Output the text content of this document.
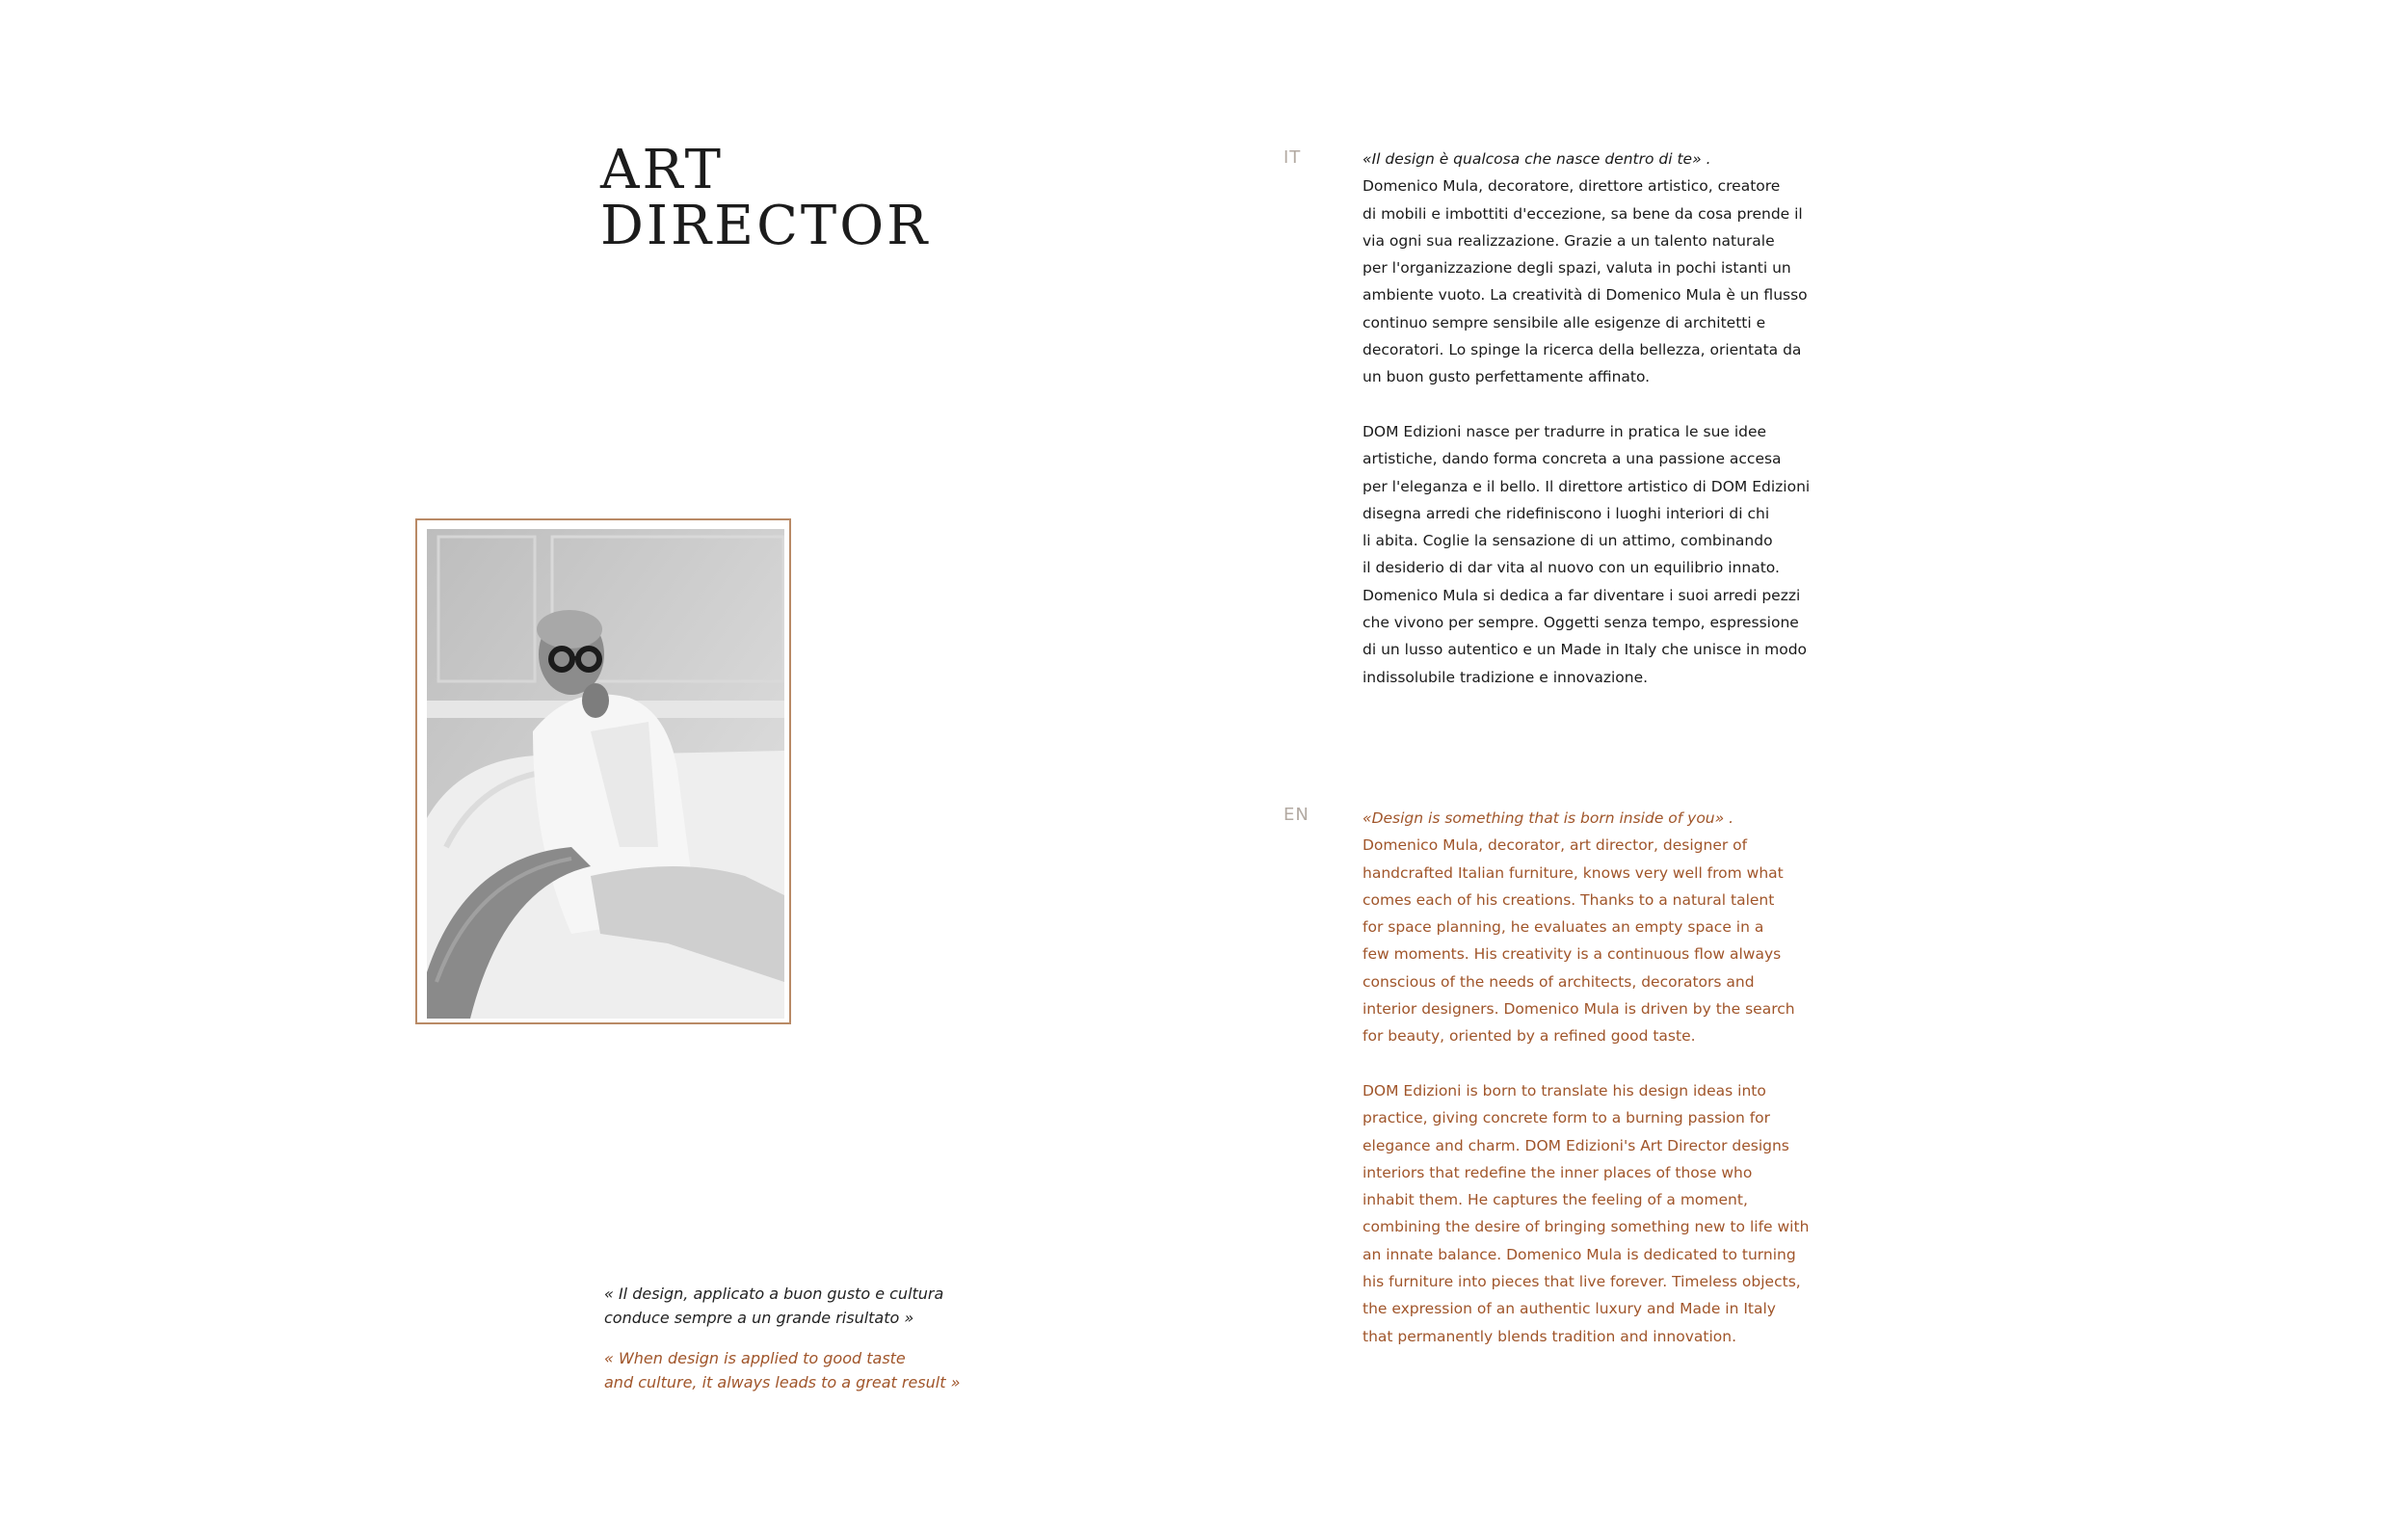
ART
DIRECTOR

« Il design, applicato a buon gusto e cultura
conduce sempre a un grande risultato »

« When design is applied to good taste
and culture, it always leads to a great result »

IT
EN

«Il design è qualcosa che nasce dentro di te» .
Domenico Mula, decoratore, direttore artistico, creatore
di mobili e imbottiti d'eccezione, sa bene da cosa prende il
via ogni sua realizzazione. Grazie a un talento naturale
per l'organizzazione degli spazi, valuta in pochi istanti un
ambiente vuoto. La creatività di Domenico Mula è un flusso
continuo sempre sensibile alle esigenze di architetti e
decoratori. Lo spinge la ricerca della bellezza, orientata da
un buon gusto perfettamente affinato.

DOM Edizioni nasce per tradurre in pratica le sue idee
artistiche, dando forma concreta a una passione accesa
per l'eleganza e il bello. Il direttore artistico di DOM Edizioni
disegna arredi che ridefiniscono i luoghi interiori di chi
li abita. Coglie la sensazione di un attimo, combinando
il desiderio di dar vita al nuovo con un equilibrio innato.
Domenico Mula si dedica a far diventare i suoi arredi pezzi
che vivono per sempre. Oggetti senza tempo, espressione
di un lusso autentico e un Made in Italy che unisce in modo
indissolubile tradizione e innovazione.

«Design is something that is born inside of you» .
Domenico Mula, decorator, art director, designer of
handcrafted Italian furniture, knows very well from what
comes each of his creations. Thanks to a natural talent
for space planning, he evaluates an empty space in a
few moments. His creativity is a continuous flow always
conscious of the needs of architects, decorators and
interior designers. Domenico Mula is driven by the search
for beauty, oriented by a refined good taste.

DOM Edizioni is born to translate his design ideas into
practice, giving concrete form to a burning passion for
elegance and charm. DOM Edizioni's Art Director designs
interiors that redefine the inner places of those who
inhabit them. He captures the feeling of a moment,
combining the desire of bringing something new to life with
an innate balance. Domenico Mula is dedicated to turning
his furniture into pieces that live forever. Timeless objects,
the expression of an authentic luxury and Made in Italy
that permanently blends tradition and innovation.
